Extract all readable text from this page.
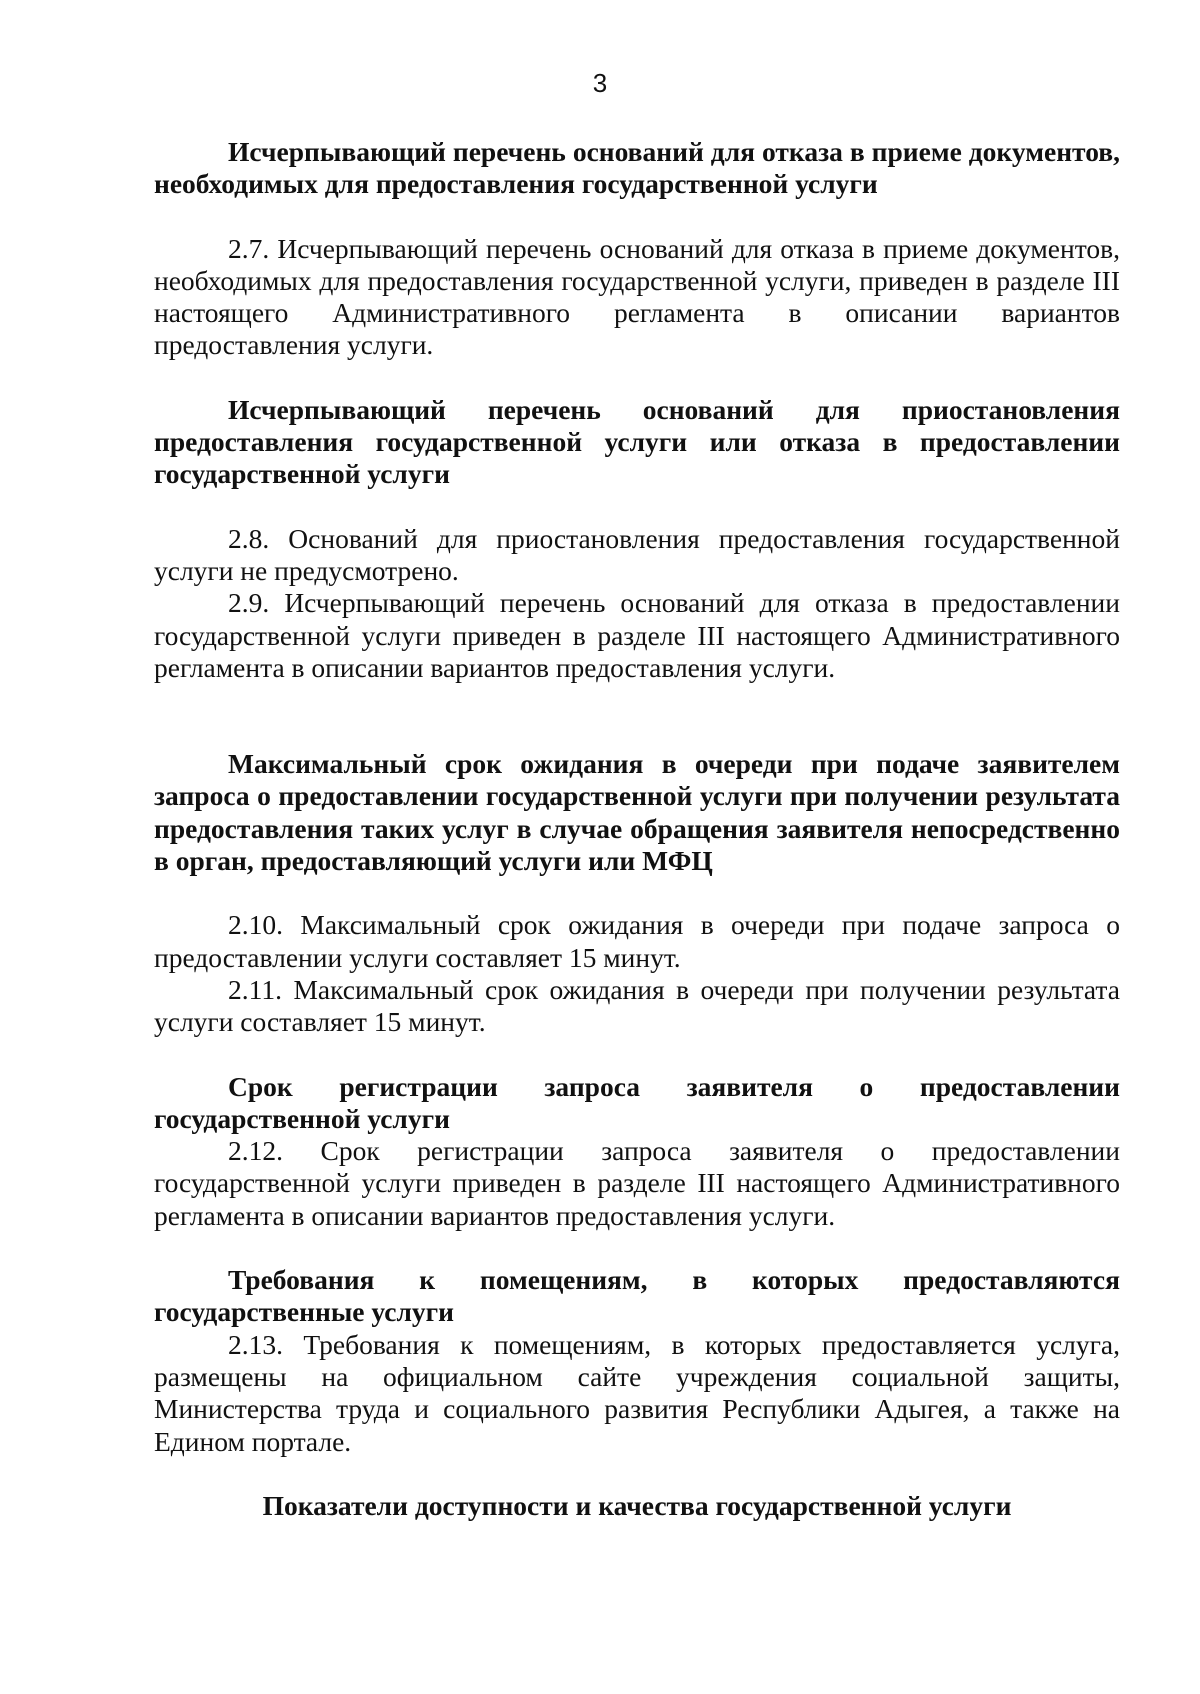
3

Исчерпывающий перечень оснований для отказа в приеме документов, необходимых для предоставления государственной услуги

2.7. Исчерпывающий перечень оснований для отказа в приеме документов, необходимых для предоставления государственной услуги, приведен в разделе III настоящего Административного регламента в описании вариантов предоставления услуги.

Исчерпывающий перечень оснований для приостановления предоставления государственной услуги или отказа в предоставлении государственной услуги

2.8. Оснований для приостановления предоставления государственной услуги не предусмотрено.

2.9. Исчерпывающий перечень оснований для отказа в предоставлении государственной услуги приведен в разделе III настоящего Административного регламента в описании вариантов предоставления услуги.

Максимальный срок ожидания в очереди при подаче заявителем запроса о предоставлении государственной услуги при получении результата предоставления таких услуг в случае обращения заявителя непосредственно в орган, предоставляющий услуги или МФЦ

2.10. Максимальный срок ожидания в очереди при подаче запроса о предоставлении услуги составляет 15 минут.

2.11. Максимальный срок ожидания в очереди при получении результата услуги составляет 15 минут.

Срок регистрации запроса заявителя о предоставлении государственной услуги

2.12. Срок регистрации запроса заявителя о предоставлении государственной услуги приведен в разделе III настоящего Административного регламента в описании вариантов предоставления услуги.

Требования к помещениям, в которых предоставляются государственные услуги

2.13. Требования к помещениям, в которых предоставляется услуга, размещены на официальном сайте учреждения социальной защиты, Министерства труда и социального развития Республики Адыгея, а также на Едином портале.

Показатели доступности и качества государственной услуги
